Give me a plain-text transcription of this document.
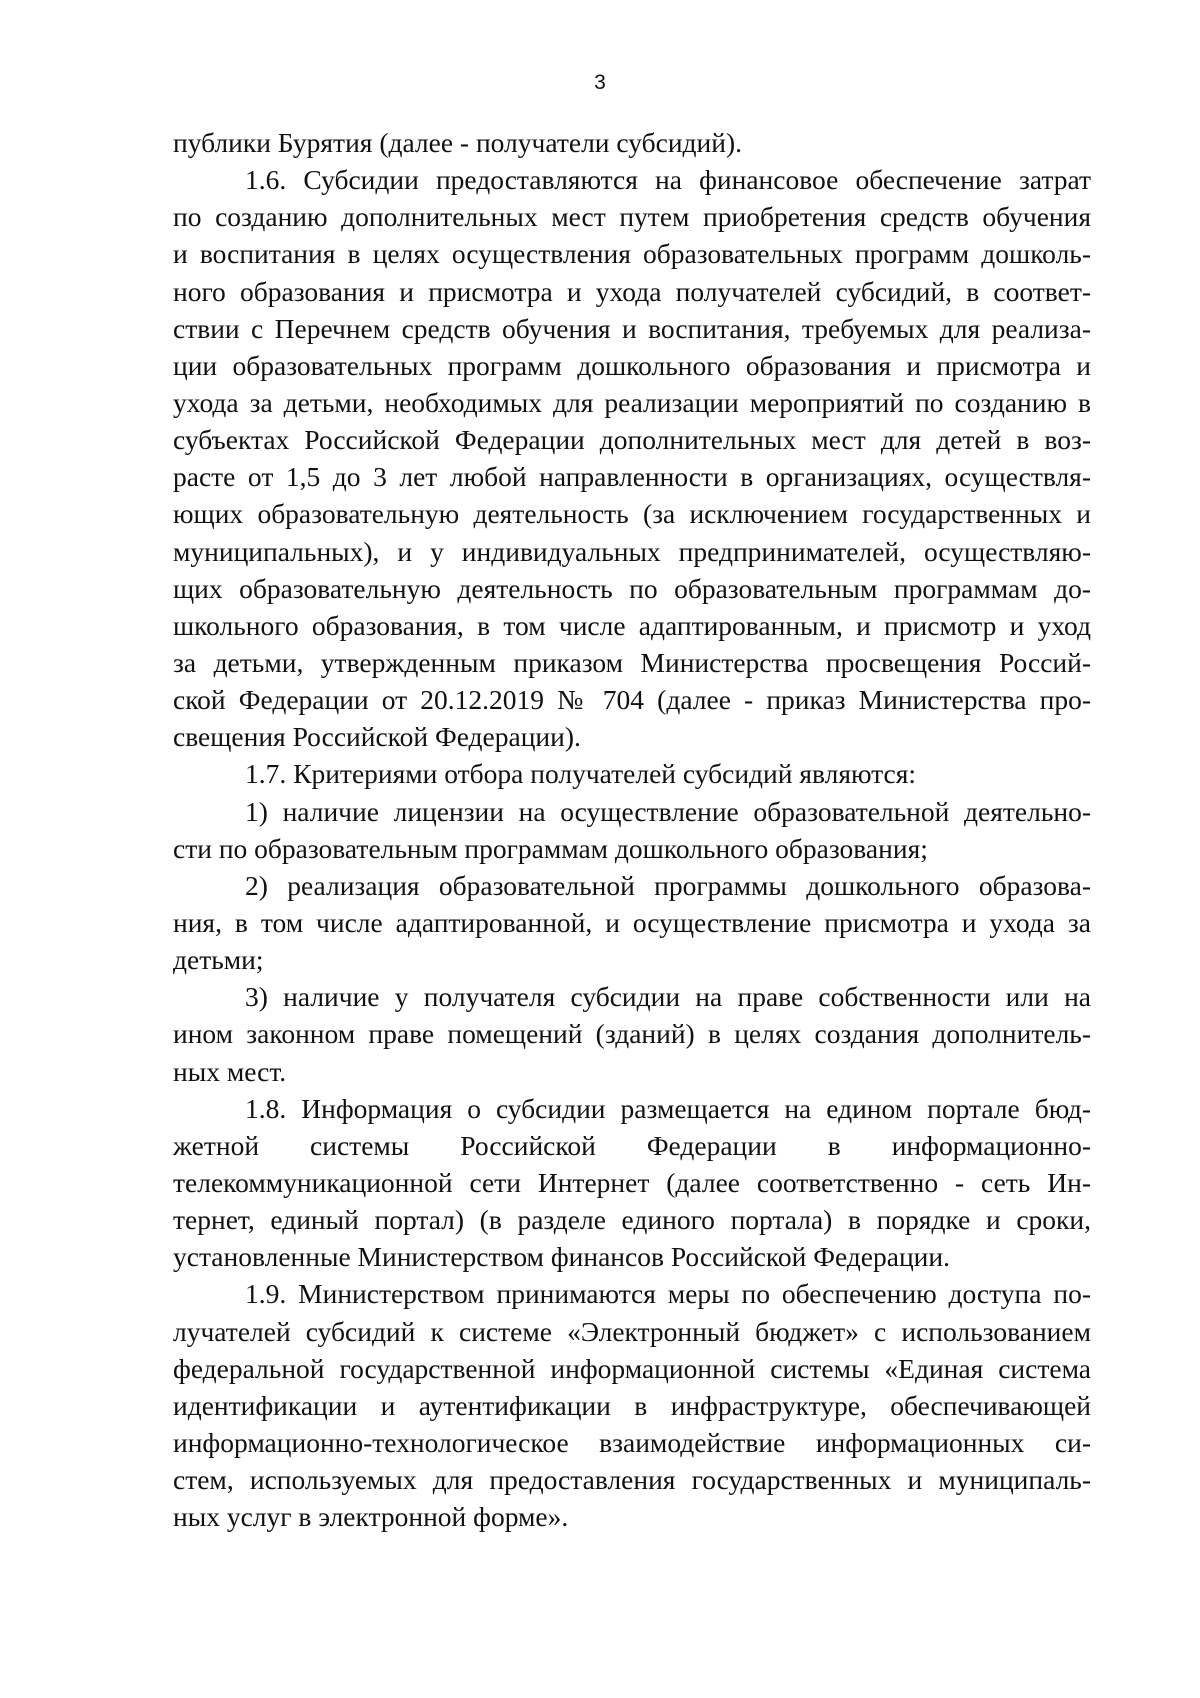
3
публики Бурятия (далее - получатели субсидий).
1.6. Субсидии предоставляются на финансовое обеспечение затрат
по созданию дополнительных мест путем приобретения средств обучения
и воспитания в целях осуществления образовательных программ дошколь-
ного образования и присмотра и ухода получателей субсидий, в соответ-
ствии с Перечнем средств обучения и воспитания, требуемых для реализа-
ции образовательных программ дошкольного образования и присмотра и
ухода за детьми, необходимых для реализации мероприятий по созданию в
субъектах Российской Федерации дополнительных мест для детей в воз-
расте от 1,5 до 3 лет любой направленности в организациях, осуществля-
ющих образовательную деятельность (за исключением государственных и
муниципальных), и у индивидуальных предпринимателей, осуществляю-
щих образовательную деятельность по образовательным программам до-
школьного образования, в том числе адаптированным, и присмотр и уход
за детьми, утвержденным приказом Министерства просвещения Россий-
ской Федерации от 20.12.2019 № 704 (далее - приказ Министерства про-
свещения Российской Федерации).
1.7. Критериями отбора получателей субсидий являются:
1) наличие лицензии на осуществление образовательной деятельно-
сти по образовательным программам дошкольного образования;
2) реализация образовательной программы дошкольного образова-
ния, в том числе адаптированной, и осуществление присмотра и ухода за
детьми;
3) наличие у получателя субсидии на праве собственности или на
ином законном праве помещений (зданий) в целях создания дополнитель-
ных мест.
1.8. Информация о субсидии размещается на едином портале бюд-
жетной системы Российской Федерации в информационно-
телекоммуникационной сети Интернет (далее соответственно - сеть Ин-
тернет, единый портал) (в разделе единого портала) в порядке и сроки,
установленные Министерством финансов Российской Федерации.
1.9. Министерством принимаются меры по обеспечению доступа по-
лучателей субсидий к системе «Электронный бюджет» с использованием
федеральной государственной информационной системы «Единая система
идентификации и аутентификации в инфраструктуре, обеспечивающей
информационно-технологическое взаимодействие информационных си-
стем, используемых для предоставления государственных и муниципаль-
ных услуг в электронной форме».
